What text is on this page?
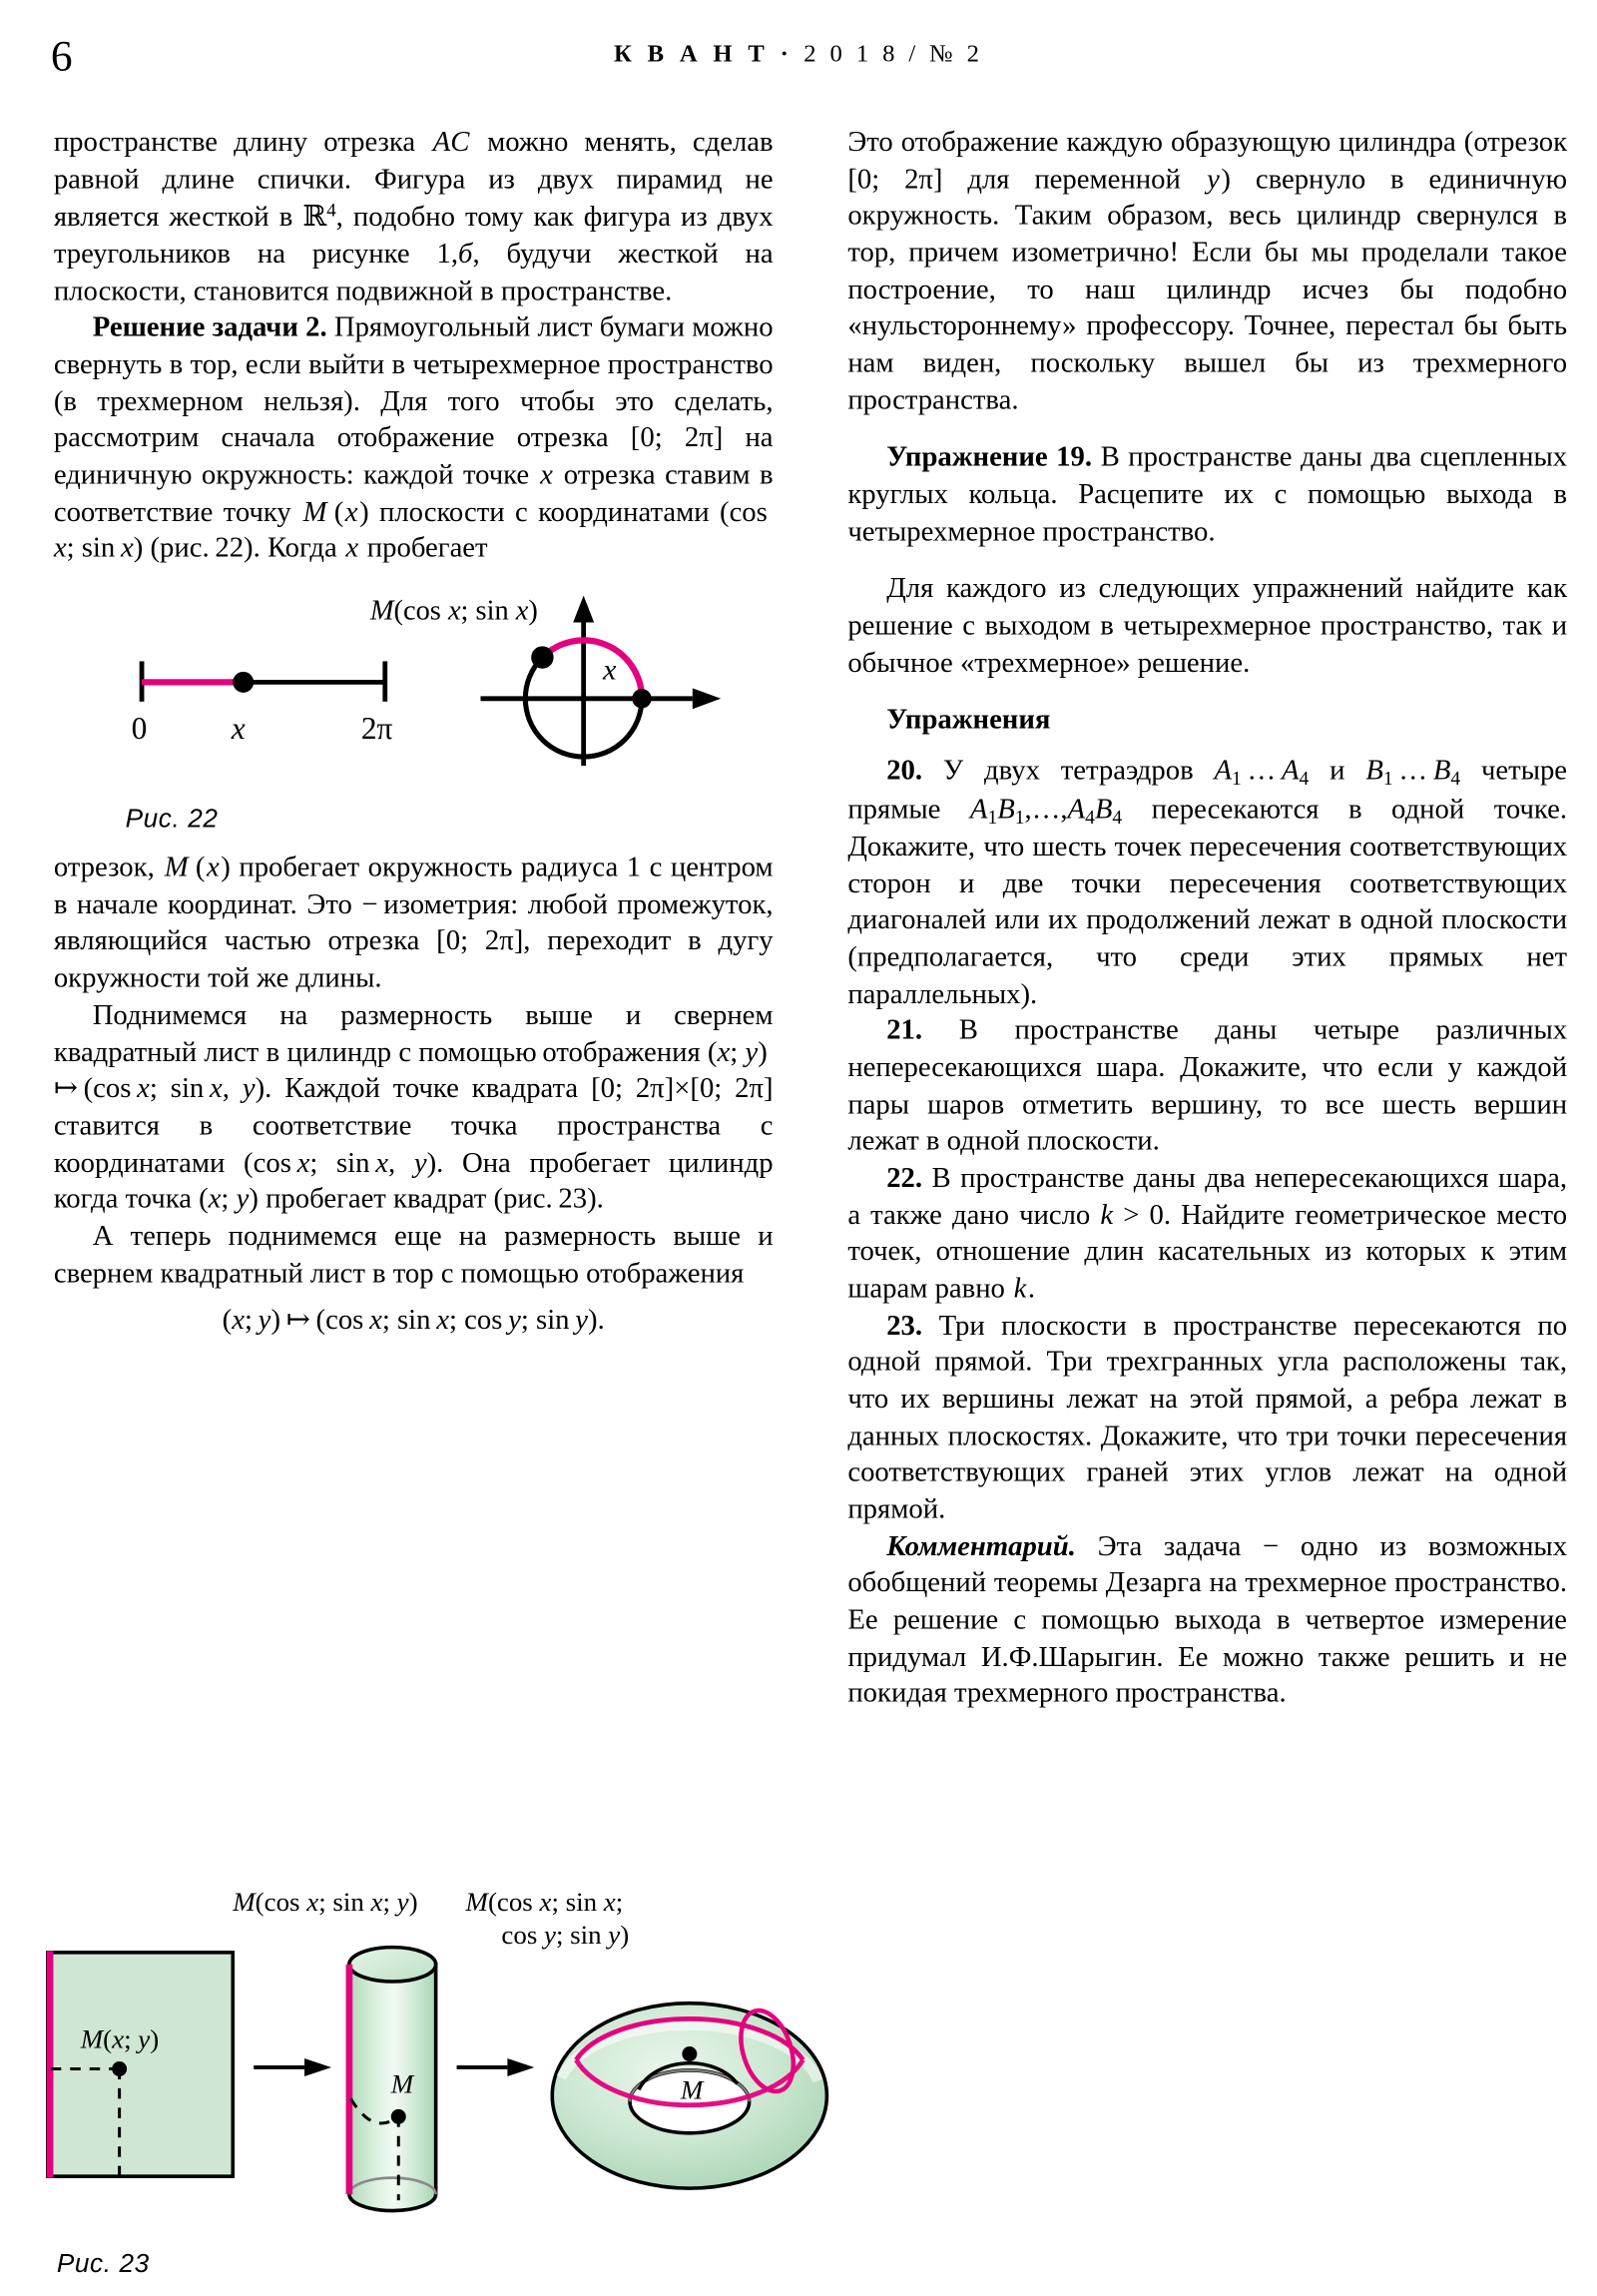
6	К В А Н Т · 2 0 1 8 / № 2

пространстве длину отрезка AC можно менять, сделав равной длине спички. Фигура из двух пирамид не является жесткой в ℝ$^4$, подобно тому как фигура из двух треугольников на рисунке 1,б, будучи жесткой на плоскости, становится подвижной в пространстве.

Решение задачи 2. Прямоугольный лист бумаги можно свернуть в тор, если выйти в четырехмерное пространство (в трехмерном нельзя). Для того чтобы это сделать, рассмотрим сначала отображение отрезка [0; 2π] на единичную окружность: каждой точке x отрезка ставим в соответствие точку M (x) плоскости с координатами (cos x; sin x) (рис. 22). Когда x пробегает

M(cos x; sin x)
0	x	2π
x
Рис. 22

отрезок, M (x) пробегает окружность радиуса 1 с центром в начале координат. Это − изометрия: любой промежуток, являющийся частью отрезка [0; 2π], переходит в дугу окружности той же длины.

Поднимемся на размерность выше и свернем квадратный лист в цилиндр с помощью отображения (x; y) ↦ (cos x; sin x, y). Каждой точке квадрата [0; 2π]×[0; 2π] ставится в соответствие точка пространства с координатами (cos x; sin x, y). Она пробегает цилиндр когда точка (x; y) пробегает квадрат (рис. 23).

А теперь поднимемся еще на размерность выше и свернем квадратный лист в тор с помощью отображения

(x; y) ↦ (cos x; sin x; cos y; sin y).

Это отображение каждую образующую цилиндра (отрезок [0; 2π] для переменной y) свернуло в единичную окружность. Таким образом, весь цилиндр свернулся в тор, причем изометрично! Если бы мы проделали такое построение, то наш цилиндр исчез бы подобно «нульстороннему» профессору. Точнее, перестал бы быть нам виден, поскольку вышел бы из трехмерного пространства.

Упражнение 19. В пространстве даны два сцепленных круглых кольца. Расцепите их с помощью выхода в четырехмерное пространство.

Для каждого из следующих упражнений найдите как решение с выходом в четырехмерное пространство, так и обычное «трехмерное» решение.

Упражнения

20. У двух тетраэдров $A_1$ … $A_4$ и $B_1$ … $B_4$ четыре прямые $A_1B_1,\dots,A_4B_4$ пересекаются в одной точке. Докажите, что шесть точек пересечения соответствующих сторон и две точки пересечения соответствующих диагоналей или их продолжений лежат в одной плоскости (предполагается, что среди этих прямых нет параллельных).

21. В пространстве даны четыре различных непересекающихся шара. Докажите, что если у каждой пары шаров отметить вершину, то все шесть вершин лежат в одной плоскости.

22. В пространстве даны два непересекающихся шара, а также дано число k > 0. Найдите геометрическое место точек, отношение длин касательных из которых к этим шарам равно k.

23. Три плоскости в пространстве пересекаются по одной прямой. Три трехгранных угла расположены так, что их вершины лежат на этой прямой, а ребра лежат в данных плоскостях. Докажите, что три точки пересечения соответствующих граней этих углов лежат на одной прямой.

Комментарий. Эта задача − одно из возможных обобщений теоремы Дезарга на трехмерное пространство. Ее решение с помощью выхода в четвертое измерение придумал И.Ф.Шарыгин. Ее можно также решить и не покидая трехмерного пространства.

M(cos x; sin x; y)	M(cos x; sin x;
cos y; sin y)
M(x; y)
M	M
Рис. 23
